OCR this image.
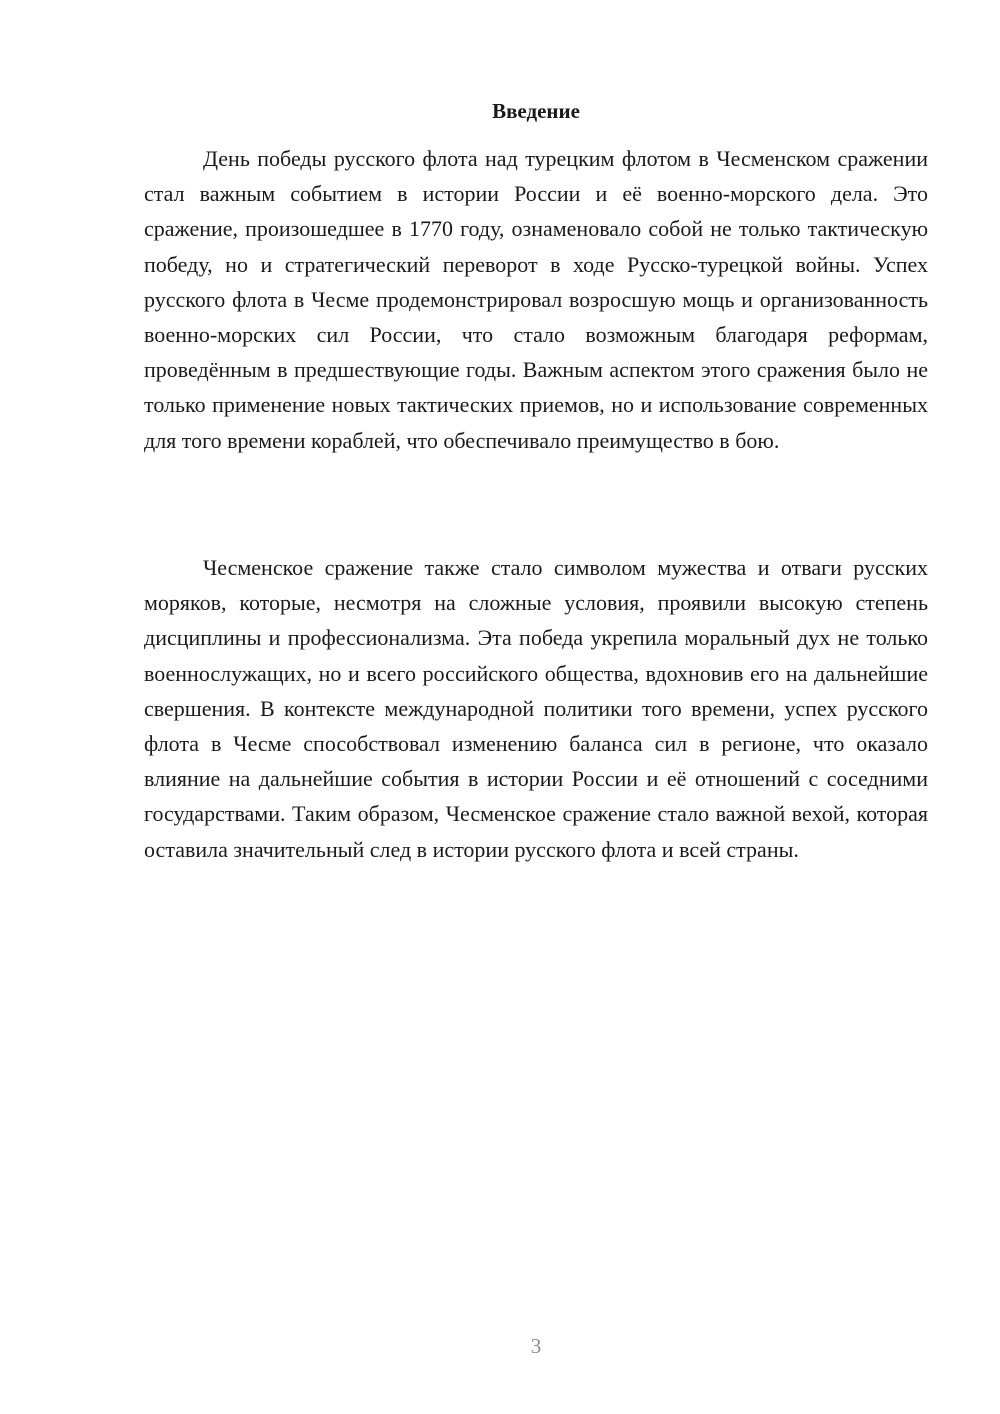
Введение

День победы русского флота над турецким флотом в Чесменском сражении стал важным событием в истории России и её военно-морского дела. Это сражение, произошедшее в 1770 году, ознаменовало собой не только тактическую победу, но и стратегический переворот в ходе Русско-турецкой войны. Успех русского флота в Чесме продемонстрировал возросшую мощь и организованность военно-морских сил России, что стало возможным благодаря реформам, проведённым в предшествующие годы. Важным аспектом этого сражения было не только применение новых тактических приемов, но и использование современных для того времени кораблей, что обеспечивало преимущество в бою.

Чесменское сражение также стало символом мужества и отваги русских моряков, которые, несмотря на сложные условия, проявили высокую степень дисциплины и профессионализма. Эта победа укрепила моральный дух не только военнослужащих, но и всего российского общества, вдохновив его на дальнейшие свершения. В контексте международной политики того времени, успех русского флота в Чесме способствовал изменению баланса сил в регионе, что оказало влияние на дальнейшие события в истории России и её отношений с соседними государствами. Таким образом, Чесменское сражение стало важной вехой, которая оставила значительный след в истории русского флота и всей страны.

3
